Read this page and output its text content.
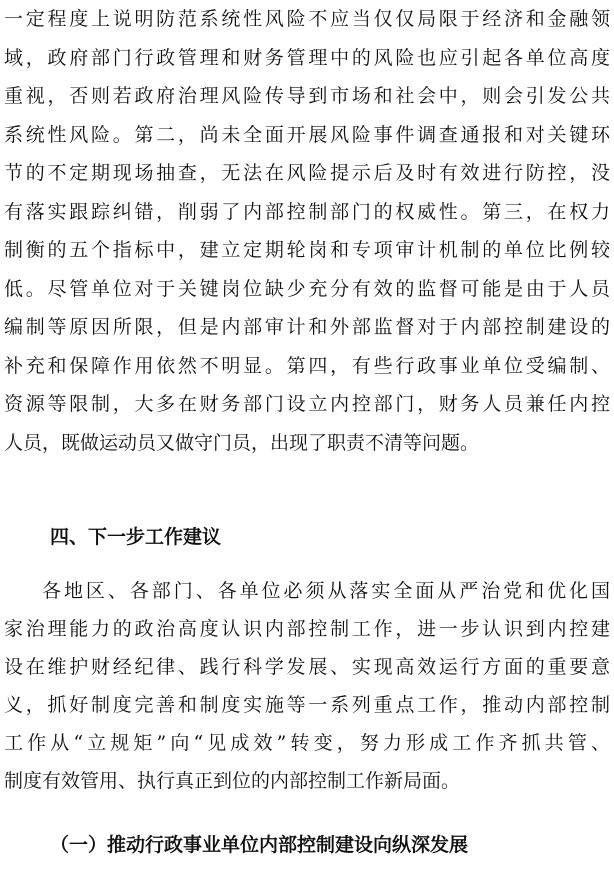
一定程度上说明防范系统性风险不应当仅仅局限于经济和金融领
域，政府部门行政管理和财务管理中的风险也应引起各单位高度
重视，否则若政府治理风险传导到市场和社会中，则会引发公共
系统性风险。第二，尚未全面开展风险事件调查通报和对关键环
节的不定期现场抽查，无法在风险提示后及时有效进行防控，没
有落实跟踪纠错，削弱了内部控制部门的权威性。第三，在权力
制衡的五个指标中，建立定期轮岗和专项审计机制的单位比例较
低。尽管单位对于关键岗位缺少充分有效的监督可能是由于人员
编制等原因所限，但是内部审计和外部监督对于内部控制建设的
补充和保障作用依然不明显。第四，有些行政事业单位受编制、
资源等限制，大多在财务部门设立内控部门，财务人员兼任内控
人员，既做运动员又做守门员，出现了职责不清等问题。
四、下一步工作建议
各地区、各部门、各单位必须从落实全面从严治党和优化国
家治理能力的政治高度认识内部控制工作，进一步认识到内控建
设在维护财经纪律、践行科学发展、实现高效运行方面的重要意
义，抓好制度完善和制度实施等一系列重点工作，推动内部控制
工作从“立规矩”向“见成效”转变，努力形成工作齐抓共管、
制度有效管用、执行真正到位的内部控制工作新局面。
（一）推动行政事业单位内部控制建设向纵深发展
